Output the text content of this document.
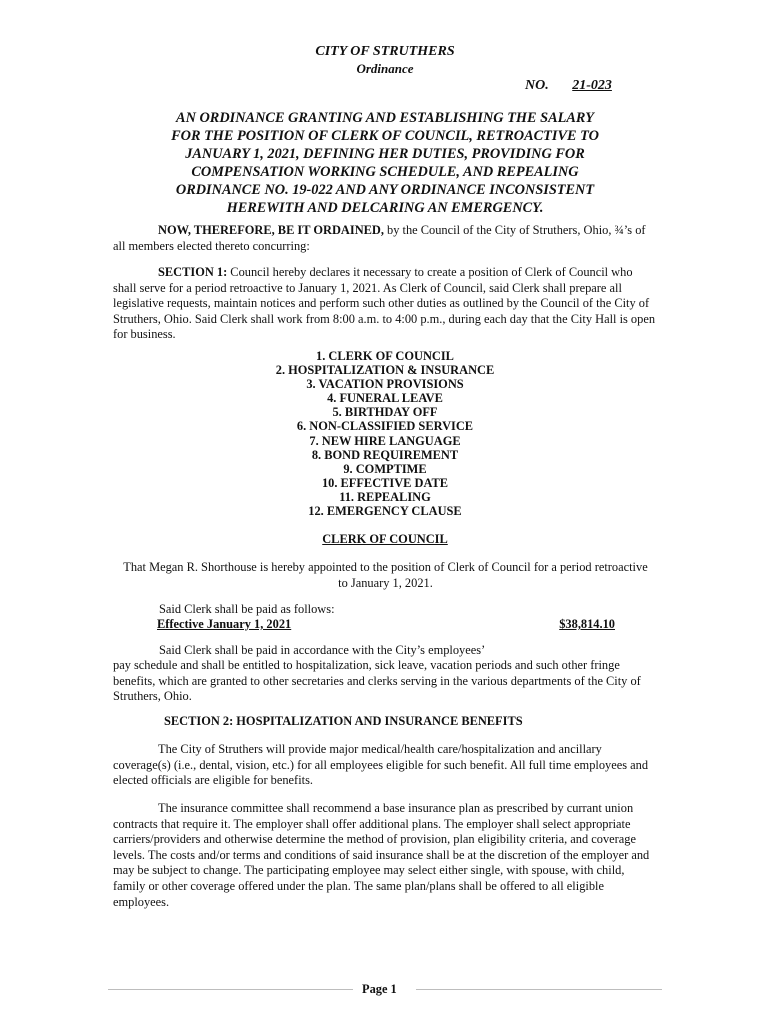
CITY OF STRUTHERS
Ordinance
NO. 21-023
AN ORDINANCE GRANTING AND ESTABLISHING THE SALARY
FOR THE POSITION OF CLERK OF COUNCIL, RETROACTIVE TO
JANUARY 1, 2021, DEFINING HER DUTIES, PROVIDING FOR
COMPENSATION WORKING SCHEDULE, AND REPEALING
ORDINANCE NO. 19-022 AND ANY ORDINANCE INCONSISTENT
HEREWITH AND DELCARING AN EMERGENCY.

NOW, THEREFORE, BE IT ORDAINED, by the Council of the City of Struthers, Ohio, ¾’s of all members elected thereto concurring:

SECTION 1: Council hereby declares it necessary to create a position of Clerk of Council who shall serve for a period retroactive to January 1, 2021. As Clerk of Council, said Clerk shall prepare all legislative requests, maintain notices and perform such other duties as outlined by the Council of the City of Struthers, Ohio. Said Clerk shall work from 8:00 a.m. to 4:00 p.m., during each day that the City Hall is open for business.

1. CLERK OF COUNCIL
2. HOSPITALIZATION & INSURANCE
3. VACATION PROVISIONS
4. FUNERAL LEAVE
5. BIRTHDAY OFF
6. NON-CLASSIFIED SERVICE
7. NEW HIRE LANGUAGE
8. BOND REQUIREMENT
9. COMPTIME
10. EFFECTIVE DATE
11. REPEALING
12. EMERGENCY CLAUSE
CLERK OF COUNCIL

That Megan R. Shorthouse is hereby appointed to the position of Clerk of Council for a period retroactive to January 1, 2021.

Said Clerk shall be paid as follows:
Effective January 1, 2021	$38,814.10
Said Clerk shall be paid in accordance with the City’s employees’

pay schedule and shall be entitled to hospitalization, sick leave, vacation periods and such other fringe benefits, which are granted to other secretaries and clerks serving in the various departments of the City of Struthers, Ohio.

SECTION 2: HOSPITALIZATION AND INSURANCE BENEFITS

The City of Struthers will provide major medical/health care/hospitalization and ancillary coverage(s) (i.e., dental, vision, etc.) for all employees eligible for such benefit. All full time employees and elected officials are eligible for benefits.

The insurance committee shall recommend a base insurance plan as prescribed by currant union contracts that require it. The employer shall offer additional plans. The employer shall select appropriate carriers/providers and otherwise determine the method of provision, plan eligibility criteria, and coverage levels. The costs and/or terms and conditions of said insurance shall be at the discretion of the employer and may be subject to change. The participating employee may select either single, with spouse, with child, family or other coverage offered under the plan. The same plan/plans shall be offered to all eligible employees.

Page 1
